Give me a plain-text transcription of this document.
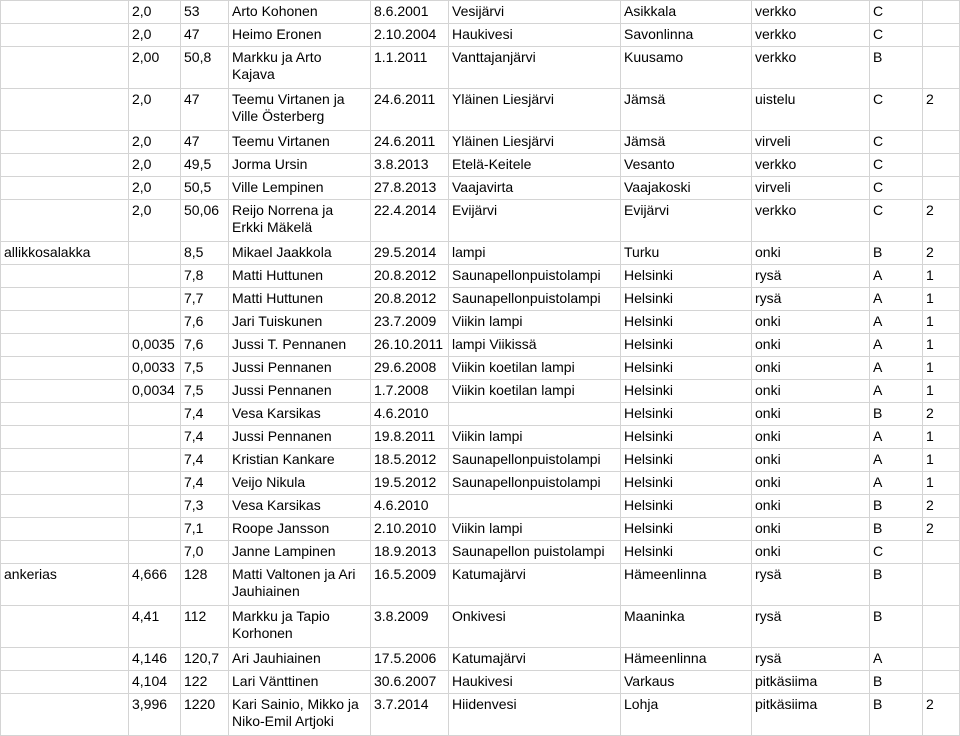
	2,0	53	Arto Kohonen	8.6.2001	Vesijärvi	Asikkala	verkko	C	
	2,0	47	Heimo Eronen	2.10.2004	Haukivesi	Savonlinna	verkko	C	
	2,00	50,8	Markku ja Arto Kajava	1.1.2011	Vanttajanjärvi	Kuusamo	verkko	B	
	2,0	47	Teemu Virtanen ja Ville Österberg	24.6.2011	Yläinen Liesjärvi	Jämsä	uistelu	C	2
	2,0	47	Teemu Virtanen	24.6.2011	Yläinen Liesjärvi	Jämsä	virveli	C	
	2,0	49,5	Jorma Ursin	3.8.2013	Etelä-Keitele	Vesanto	verkko	C	
	2,0	50,5	Ville Lempinen	27.8.2013	Vaajavirta	Vaajakoski	virveli	C	
	2,0	50,06	Reijo Norrena ja Erkki Mäkelä	22.4.2014	Evijärvi	Evijärvi	verkko	C	2
allikkosalakka		8,5	Mikael Jaakkola	29.5.2014	lampi	Turku	onki	B	2
		7,8	Matti Huttunen	20.8.2012	Saunapellonpuistolampi	Helsinki	rysä	A	1
		7,7	Matti Huttunen	20.8.2012	Saunapellonpuistolampi	Helsinki	rysä	A	1
		7,6	Jari Tuiskunen	23.7.2009	Viikin lampi	Helsinki	onki	A	1
	0,0035	7,6	Jussi T. Pennanen	26.10.2011	lampi Viikissä	Helsinki	onki	A	1
	0,0033	7,5	Jussi Pennanen	29.6.2008	Viikin koetilan lampi	Helsinki	onki	A	1
	0,0034	7,5	Jussi Pennanen	1.7.2008	Viikin koetilan lampi	Helsinki	onki	A	1
		7,4	Vesa Karsikas	4.6.2010		Helsinki	onki	B	2
		7,4	Jussi Pennanen	19.8.2011	Viikin lampi	Helsinki	onki	A	1
		7,4	Kristian Kankare	18.5.2012	Saunapellonpuistolampi	Helsinki	onki	A	1
		7,4	Veijo Nikula	19.5.2012	Saunapellonpuistolampi	Helsinki	onki	A	1
		7,3	Vesa Karsikas	4.6.2010		Helsinki	onki	B	2
		7,1	Roope Jansson	2.10.2010	Viikin lampi	Helsinki	onki	B	2
		7,0	Janne Lampinen	18.9.2013	Saunapellon puistolampi	Helsinki	onki	C	
ankerias	4,666	128	Matti Valtonen ja Ari Jauhiainen	16.5.2009	Katumajärvi	Hämeenlinna	rysä	B	
	4,41	112	Markku ja Tapio Korhonen	3.8.2009	Onkivesi	Maaninka	rysä	B	
	4,146	120,7	Ari Jauhiainen	17.5.2006	Katumajärvi	Hämeenlinna	rysä	A	
	4,104	122	Lari Vänttinen	30.6.2007	Haukivesi	Varkaus	pitkäsiima	B	
	3,996	1220	Kari Sainio, Mikko ja Niko-Emil Artjoki	3.7.2014	Hiidenvesi	Lohja	pitkäsiima	B	2
